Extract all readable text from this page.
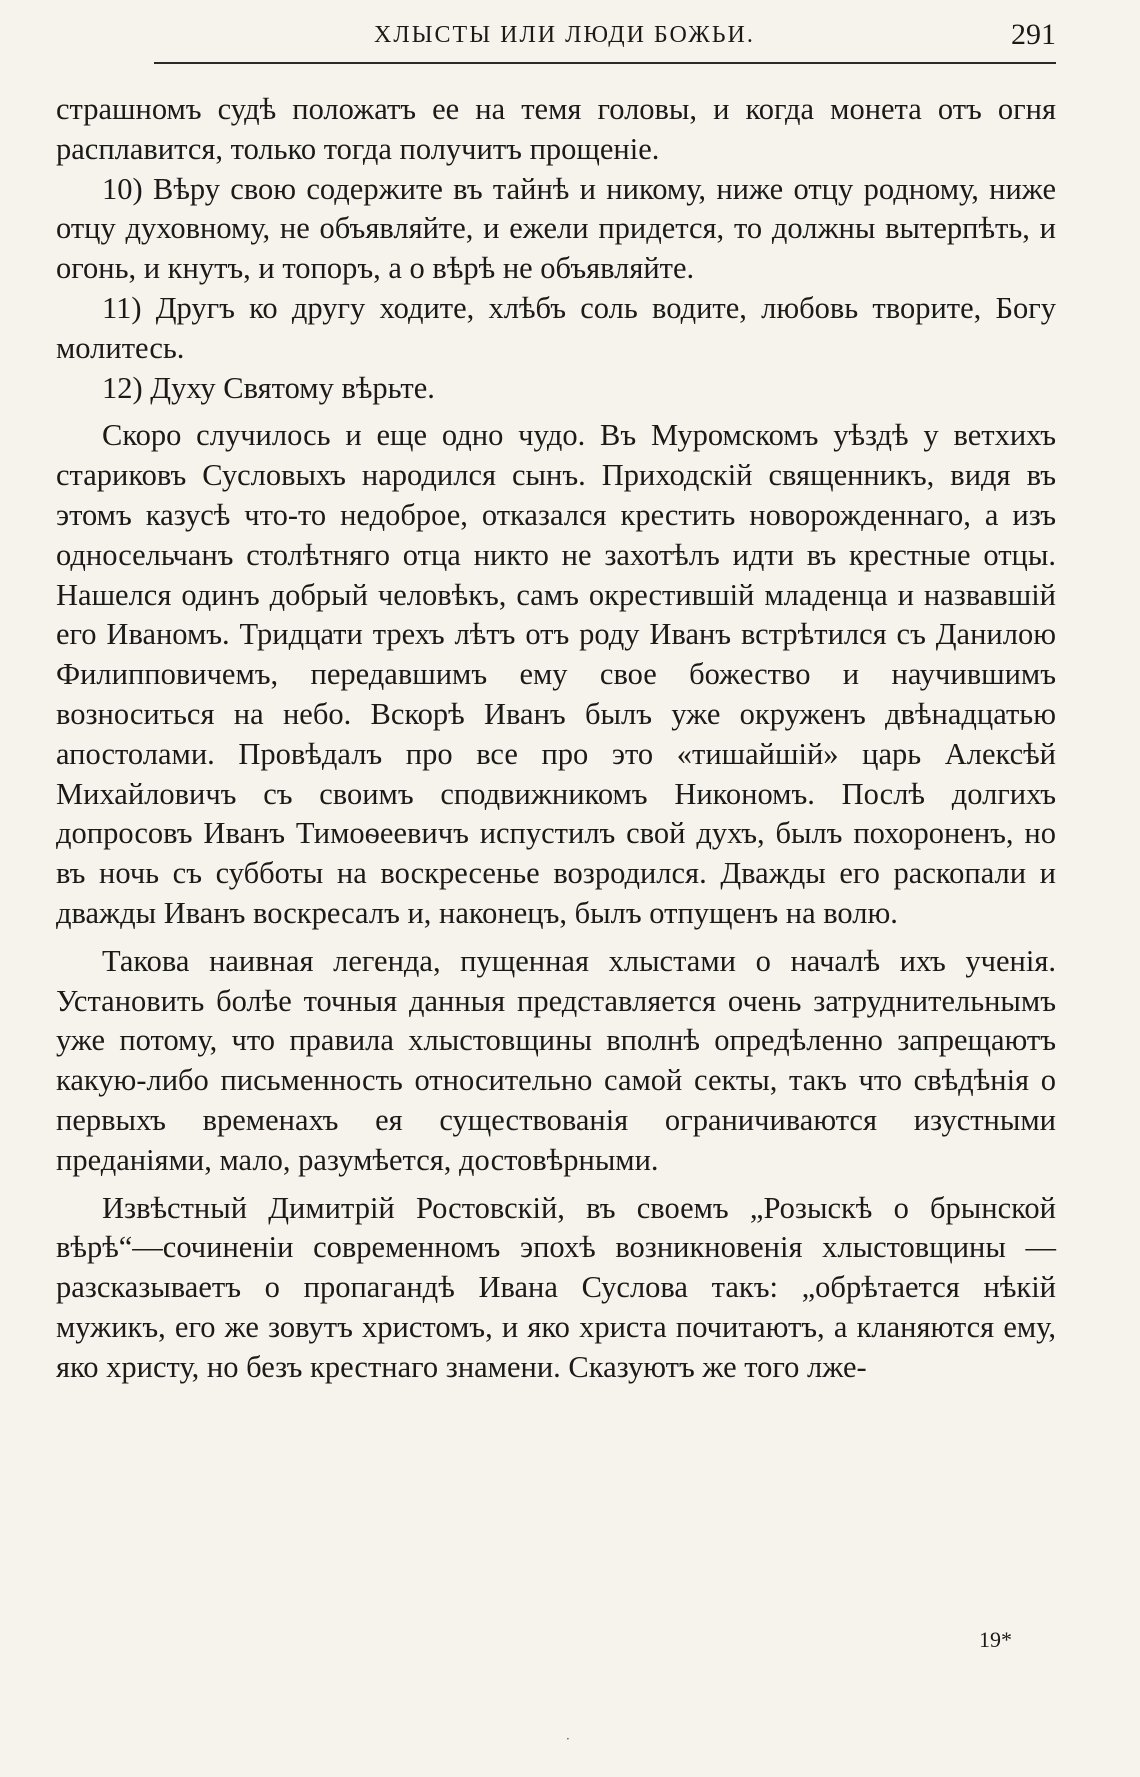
ХЛЫСТЫ ИЛИ ЛЮДИ БОЖЬИ.	291

страшномъ судѣ положатъ ее на темя головы, и когда монета отъ огня расплавится, только тогда получитъ прощеніе.

10) Вѣру свою содержите въ тайнѣ и никому, ниже отцу родному, ниже отцу духовному, не объявляйте, и ежели придется, то должны вытерпѣть, и огонь, и кнутъ, и топоръ, а о вѣрѣ не объявляйте.

11) Другъ ко другу ходите, хлѣбъ соль водите, любовь творите, Богу молитесь.

12) Духу Святому вѣрьте.

Скоро случилось и еще одно чудо. Въ Муромскомъ уѣздѣ у ветхихъ стариковъ Сусловыхъ народился сынъ. Приходскій священникъ, видя въ этомъ казусѣ что-то недоброе, отказался крестить новорожденнаго, а изъ односельчанъ столѣтняго отца никто не захотѣлъ идти въ крестные отцы. Нашелся одинъ добрый человѣкъ, самъ окрестившій младенца и назвавшій его Иваномъ. Тридцати трехъ лѣтъ отъ роду Иванъ встрѣтился съ Данилою Филипповичемъ, передавшимъ ему свое божество и научившимъ возноситься на небо. Вскорѣ Иванъ былъ уже окруженъ двѣнадцатью апостолами. Провѣдалъ про все про это «тишайшій» царь Алексѣй Михайловичъ съ своимъ сподвижникомъ Никономъ. Послѣ долгихъ допросовъ Иванъ Тимоѳеевичъ испустилъ свой духъ, былъ похороненъ, но въ ночь съ субботы на воскресенье возродился. Дважды его раскопали и дважды Иванъ воскресалъ и, наконецъ, былъ отпущенъ на волю.

Такова наивная легенда, пущенная хлыстами о началѣ ихъ ученія. Установить болѣе точныя данныя представляется очень затруднительнымъ уже потому, что правила хлыстовщины вполнѣ опредѣленно запрещаютъ какую-либо письменность относительно самой секты, такъ что свѣдѣнія о первыхъ временахъ ея существованія ограничиваются изустными преданіями, мало, разумѣется, достовѣрными.

Извѣстный Димитрій Ростовскій, въ своемъ „Розыскѣ о брынской вѣрѣ“—сочиненіи современномъ эпохѣ возникновенія хлыстовщины — разсказываетъ о пропагандѣ Ивана Суслова такъ: „обрѣтается нѣкій мужикъ, его же зовутъ христомъ, и яко христа почитаютъ, а кланяются ему, яко христу, но безъ крестнаго знамени. Сказуютъ же того лже-

19*
·
